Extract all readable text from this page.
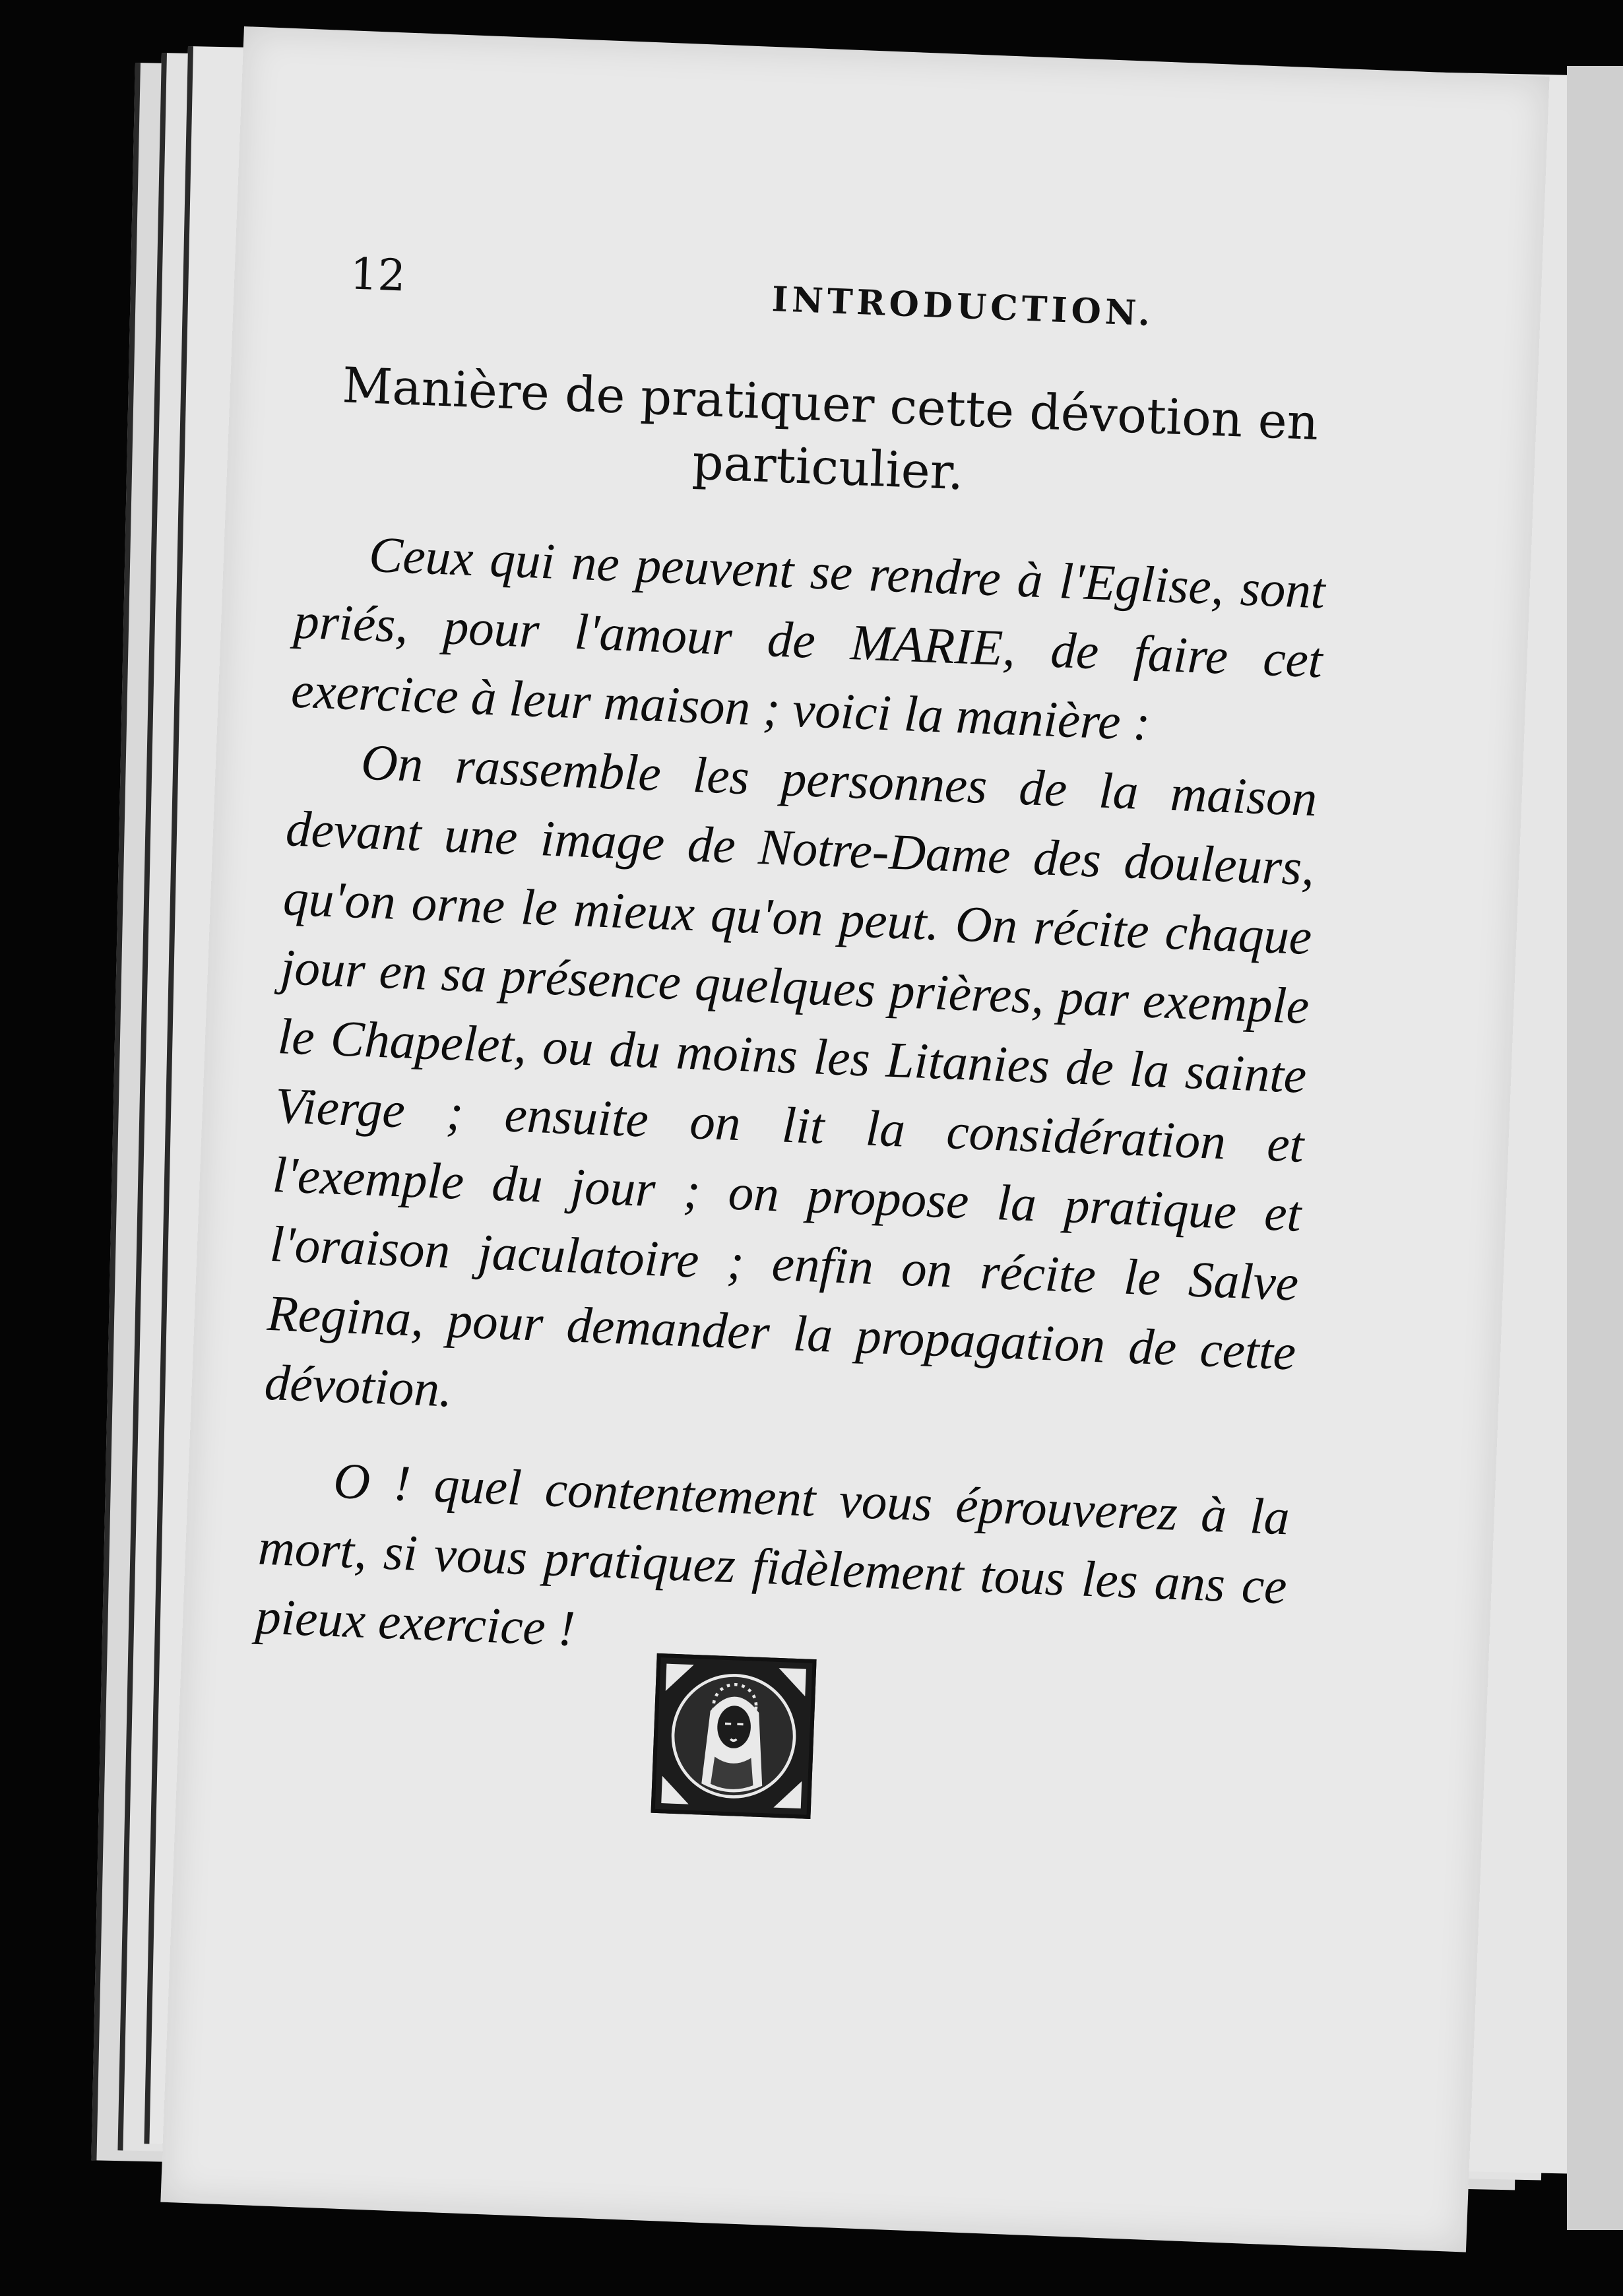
12
INTRODUCTION.
Manière de pratiquer cette dévotion en particulier.

Ceux qui ne peuvent se rendre à l'Eglise, sont priés, pour l'amour de MARIE, de faire cet exercice à leur maison ; voici la manière :

On rassemble les personnes de la maison devant une image de Notre-Dame des douleurs, qu'on orne le mieux qu'on peut. On récite chaque jour en sa présence quelques prières, par exemple le Chapelet, ou du moins les Litanies de la sainte Vierge ; ensuite on lit la considération et l'exemple du jour ; on propose la pratique et l'oraison jaculatoire ; enfin on récite le Salve Regina, pour demander la propagation de cette dévotion.

O ! quel contentement vous éprouverez à la mort, si vous pratiquez fidèlement tous les ans ce pieux exercice !
